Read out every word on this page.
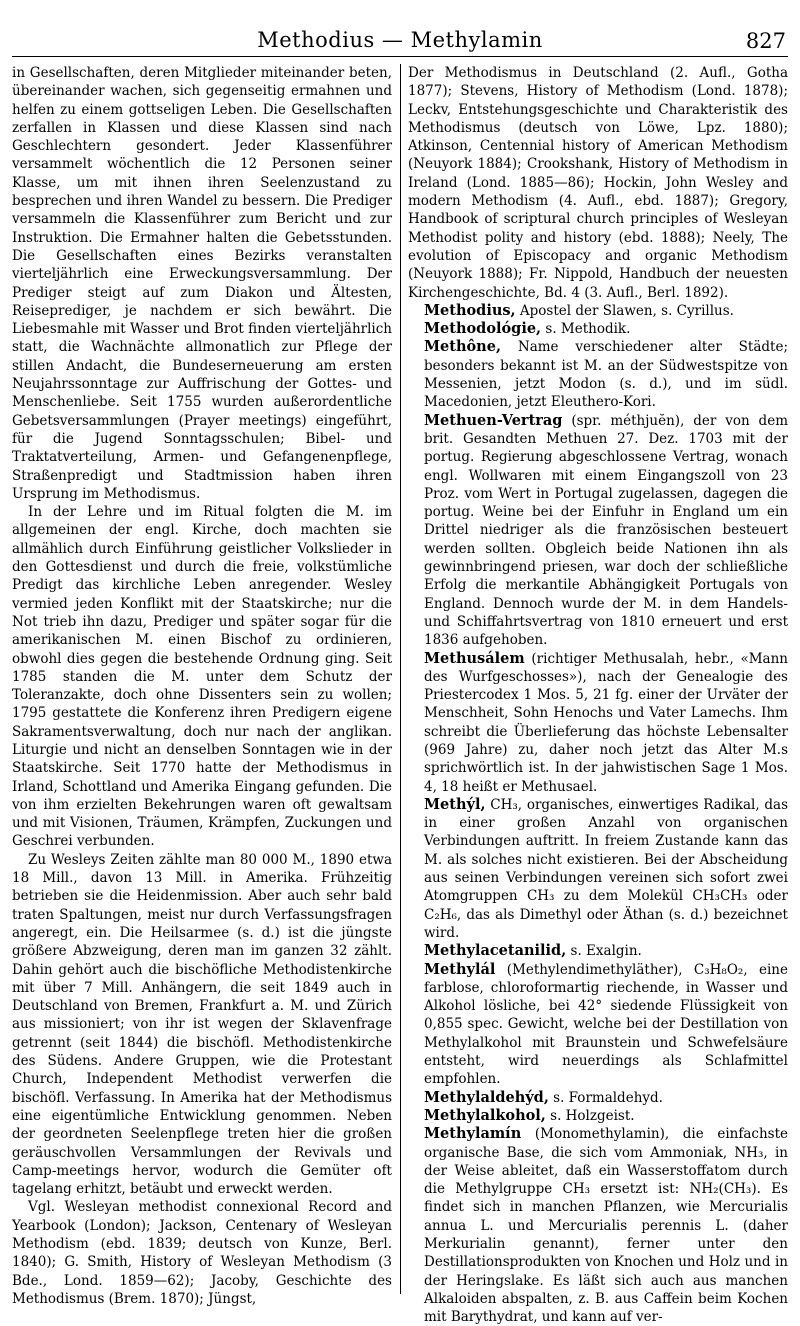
Methodius — Methylamin	827

in Gesellschaften, deren Mitglieder miteinander beten, übereinander wachen, sich gegenseitig ermahnen und helfen zu einem gottseligen Leben. Die Gesellschaften zerfallen in Klassen und diese Klassen sind nach Geschlechtern gesondert. Jeder Klassenführer versammelt wöchentlich die 12 Personen seiner Klasse, um mit ihnen ihren Seelenzustand zu besprechen und ihren Wandel zu bessern. Die Prediger versammeln die Klassenführer zum Bericht und zur Instruktion. Die Ermahner halten die Gebetsstunden. Die Gesellschaften eines Bezirks veranstalten vierteljährlich eine Erweckungsversammlung. Der Prediger steigt auf zum Diakon und Ältesten, Reiseprediger, je nachdem er sich bewährt. Die Liebesmahle mit Wasser und Brot finden vierteljährlich statt, die Wachnächte allmonatlich zur Pflege der stillen Andacht, die Bundeserneuerung am ersten Neujahrssonntage zur Auffrischung der Gottes- und Menschenliebe. Seit 1755 wurden außerordentliche Gebetsversammlungen (Prayer meetings) eingeführt, für die Jugend Sonntagsschulen; Bibel- und Traktatverteilung, Armen- und Gefangenenpflege, Straßenpredigt und Stadtmission haben ihren Ursprung im Methodismus.

In der Lehre und im Ritual folgten die M. im allgemeinen der engl. Kirche, doch machten sie allmählich durch Einführung geistlicher Volkslieder in den Gottesdienst und durch die freie, volkstümliche Predigt das kirchliche Leben anregender. Wesley vermied jeden Konflikt mit der Staatskirche; nur die Not trieb ihn dazu, Prediger und später sogar für die amerikanischen M. einen Bischof zu ordinieren, obwohl dies gegen die bestehende Ordnung ging. Seit 1785 standen die M. unter dem Schutz der Toleranzakte, doch ohne Dissenters sein zu wollen; 1795 gestattete die Konferenz ihren Predigern eigene Sakramentsverwaltung, doch nur nach der anglikan. Liturgie und nicht an denselben Sonntagen wie in der Staatskirche. Seit 1770 hatte der Methodismus in Irland, Schottland und Amerika Eingang gefunden. Die von ihm erzielten Bekehrungen waren oft gewaltsam und mit Visionen, Träumen, Krämpfen, Zuckungen und Geschrei verbunden.

Zu Wesleys Zeiten zählte man 80 000 M., 1890 etwa 18 Mill., davon 13 Mill. in Amerika. Frühzeitig betrieben sie die Heidenmission. Aber auch sehr bald traten Spaltungen, meist nur durch Verfassungsfragen angeregt, ein. Die Heilsarmee (s. d.) ist die jüngste größere Abzweigung, deren man im ganzen 32 zählt. Dahin gehört auch die bischöfliche Methodistenkirche mit über 7 Mill. Anhängern, die seit 1849 auch in Deutschland von Bremen, Frankfurt a. M. und Zürich aus missioniert; von ihr ist wegen der Sklavenfrage getrennt (seit 1844) die bischöfl. Methodistenkirche des Südens. Andere Gruppen, wie die Protestant Church, Independent Methodist verwerfen die bischöfl. Verfassung. In Amerika hat der Methodismus eine eigentümliche Entwicklung genommen. Neben der geordneten Seelenpflege treten hier die großen geräuschvollen Versammlungen der Revivals und Camp-meetings hervor, wodurch die Gemüter oft tagelang erhitzt, betäubt und erweckt werden.

Vgl. Wesleyan methodist connexional Record and Yearbook (London); Jackson, Centenary of Wesleyan Methodism (ebd. 1839; deutsch von Kunze, Berl. 1840); G. Smith, History of Wesleyan Methodism (3 Bde., Lond. 1859—62); Jacoby, Geschichte des Methodismus (Brem. 1870); Jüngst,

Der Methodismus in Deutschland (2. Aufl., Gotha 1877); Stevens, History of Methodism (Lond. 1878); Leckv, Entstehungsgeschichte und Charakteristik des Methodismus (deutsch von Löwe, Lpz. 1880); Atkinson, Centennial history of American Methodism (Neuyork 1884); Crookshank, History of Methodism in Ireland (Lond. 1885—86); Hockin, John Wesley and modern Methodism (4. Aufl., ebd. 1887); Gregory, Handbook of scriptural church principles of Wesleyan Methodist polity and history (ebd. 1888); Neely, The evolution of Episcopacy and organic Methodism (Neuyork 1888); Fr. Nippold, Handbuch der neuesten Kirchengeschichte, Bd. 4 (3. Aufl., Berl. 1892).

Methodius, Apostel der Slawen, s. Cyrillus.

Methodológie, s. Methodik.

Methône, Name verschiedener alter Städte; besonders bekannt ist M. an der Südwestspitze von Messenien, jetzt Modon (s. d.), und im südl. Macedonien, jetzt Eleuthero-Kori.

Methuen-Vertrag (spr. méthjuĕn), der von dem brit. Gesandten Methuen 27. Dez. 1703 mit der portug. Regierung abgeschlossene Vertrag, wonach engl. Wollwaren mit einem Eingangszoll von 23 Proz. vom Wert in Portugal zugelassen, dagegen die portug. Weine bei der Einfuhr in England um ein Drittel niedriger als die französischen besteuert werden sollten. Obgleich beide Nationen ihn als gewinnbringend priesen, war doch der schließliche Erfolg die merkantile Abhängigkeit Portugals von England. Dennoch wurde der M. in dem Handels- und Schiffahrtsvertrag von 1810 erneuert und erst 1836 aufgehoben.

Methusálem (richtiger Methusalah, hebr., «Mann des Wurfgeschosses»), nach der Genealogie des Priestercodex 1 Mos. 5, 21 fg. einer der Urväter der Menschheit, Sohn Henochs und Vater Lamechs. Ihm schreibt die Überlieferung das höchste Lebensalter (969 Jahre) zu, daher noch jetzt das Alter M.s sprichwörtlich ist. In der jahwistischen Sage 1 Mos. 4, 18 heißt er Methusael.

Methýl, CH₃, organisches, einwertiges Radikal, das in einer großen Anzahl von organischen Verbindungen auftritt. In freiem Zustande kann das M. als solches nicht existieren. Bei der Abscheidung aus seinen Verbindungen vereinen sich sofort zwei Atomgruppen CH₃ zu dem Molekül CH₃CH₃ oder C₂H₆, das als Dimethyl oder Äthan (s. d.) bezeichnet wird.

Methylacetanilid, s. Exalgin.

Methylál (Methylendimethyläther), C₃H₈O₂, eine farblose, chloroformartig riechende, in Wasser und Alkohol lösliche, bei 42° siedende Flüssigkeit von 0,855 spec. Gewicht, welche bei der Destillation von Methylalkohol mit Braunstein und Schwefelsäure entsteht, wird neuerdings als Schlafmittel empfohlen.

Methylaldehýd, s. Formaldehyd.

Methylalkohol, s. Holzgeist.

Methylamín (Monomethylamin), die einfachste organische Base, die sich vom Ammoniak, NH₃, in der Weise ableitet, daß ein Wasserstoffatom durch die Methylgruppe CH₃ ersetzt ist: NH₂(CH₃). Es findet sich in manchen Pflanzen, wie Mercurialis annua L. und Mercurialis perennis L. (daher Merkurialin genannt), ferner unter den Destillationsprodukten von Knochen und Holz und in der Heringslake. Es läßt sich auch aus manchen Alkaloiden abspalten, z. B. aus Caffein beim Kochen mit Barythydrat, und kann auf ver-
